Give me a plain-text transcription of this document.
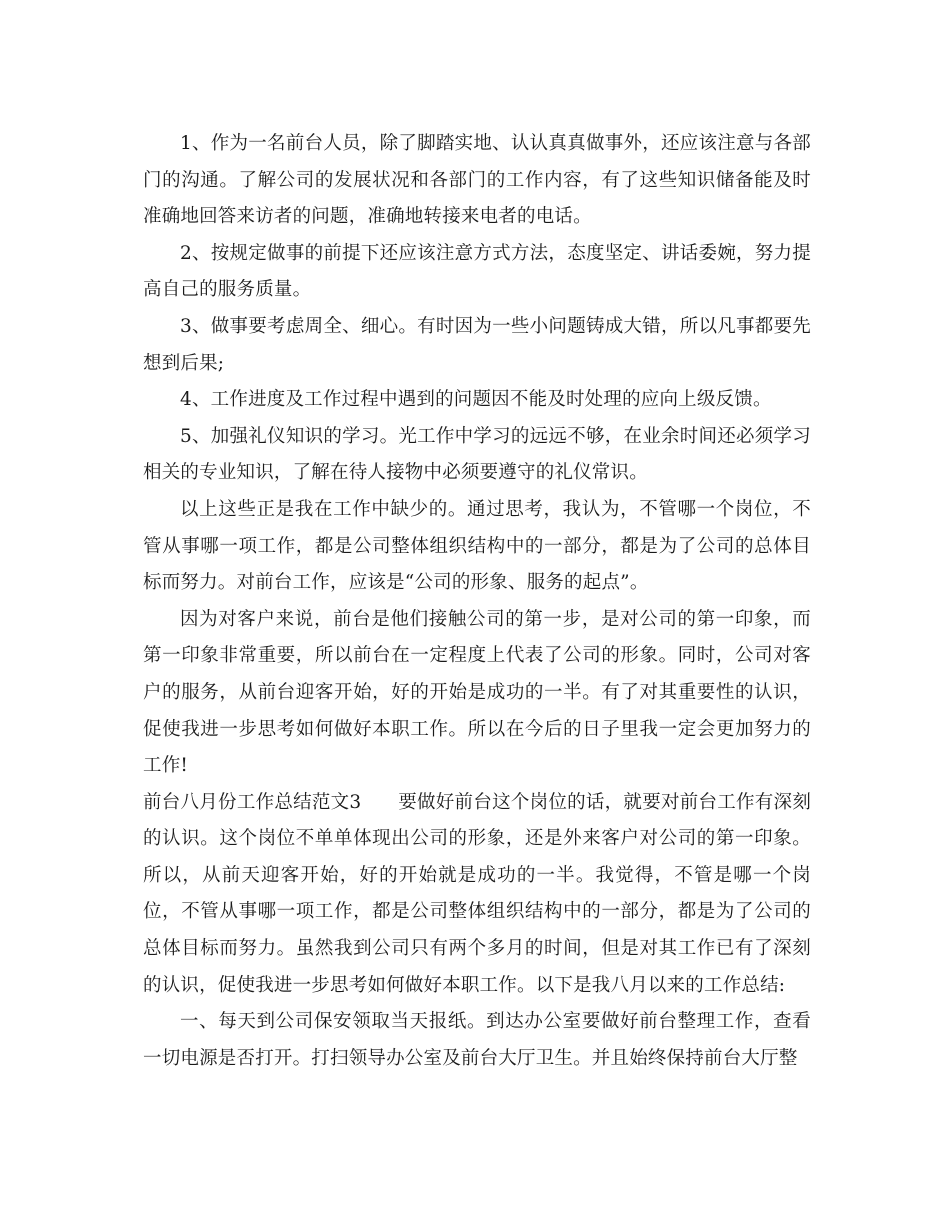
1、作为一名前台人员，除了脚踏实地、认认真真做事外，还应该注意与各部门的沟通。了解公司的发展状况和各部门的工作内容，有了这些知识储备能及时准确地回答来访者的问题，准确地转接来电者的电话。

2、按规定做事的前提下还应该注意方式方法，态度坚定、讲话委婉，努力提高自己的服务质量。

3、做事要考虑周全、细心。有时因为一些小问题铸成大错，所以凡事都要先想到后果;

4、工作进度及工作过程中遇到的问题因不能及时处理的应向上级反馈。

5、加强礼仪知识的学习。光工作中学习的远远不够，在业余时间还必须学习相关的专业知识，了解在待人接物中必须要遵守的礼仪常识。

以上这些正是我在工作中缺少的。通过思考，我认为，不管哪一个岗位，不管从事哪一项工作，都是公司整体组织结构中的一部分，都是为了公司的总体目标而努力。对前台工作，应该是“公司的形象、服务的起点”。

因为对客户来说，前台是他们接触公司的第一步，是对公司的第一印象，而第一印象非常重要，所以前台在一定程度上代表了公司的形象。同时，公司对客户的服务，从前台迎客开始，好的开始是成功的一半。有了对其重要性的认识，促使我进一步思考如何做好本职工作。所以在今后的日子里我一定会更加努力的工作!

前台八月份工作总结范文3 要做好前台这个岗位的话，就要对前台工作有深刻的认识。这个岗位不单单体现出公司的形象，还是外来客户对公司的第一印象。所以，从前天迎客开始，好的开始就是成功的一半。我觉得，不管是哪一个岗位，不管从事哪一项工作，都是公司整体组织结构中的一部分，都是为了公司的总体目标而努力。虽然我到公司只有两个多月的时间，但是对其工作已有了深刻的认识，促使我进一步思考如何做好本职工作。以下是我八月以来的工作总结:

一、每天到公司保安领取当天报纸。到达办公室要做好前台整理工作，查看一切电源是否打开。打扫领导办公室及前台大厅卫生。并且始终保持前台大厅整
